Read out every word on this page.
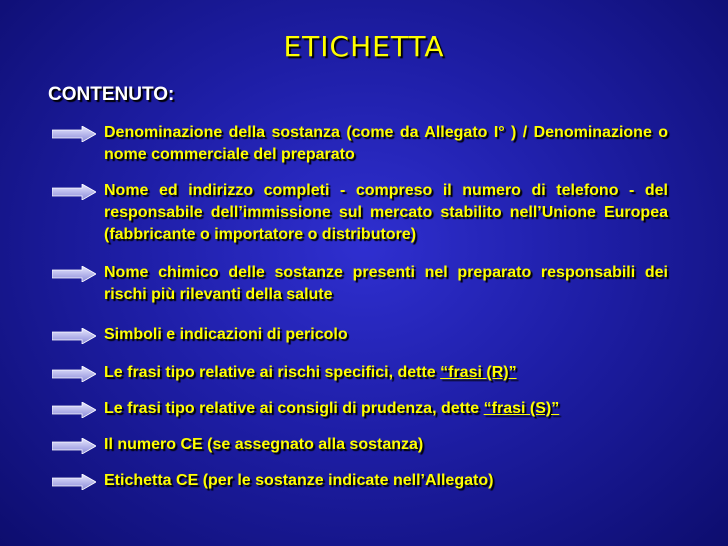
ETICHETTA
CONTENUTO:
Denominazione della sostanza (come da Allegato I° ) / Denominazione o nome commerciale del preparato
Nome ed indirizzo completi - compreso il numero di telefono - del responsabile dell’immissione sul mercato stabilito nell’Unione Europea (fabbricante o importatore o distributore)
Nome chimico delle sostanze presenti nel preparato responsabili dei rischi più rilevanti della salute
Simboli e indicazioni di pericolo
Le frasi tipo relative ai rischi specifici, dette “frasi (R)”
Le frasi tipo relative ai consigli di prudenza, dette “frasi (S)”
Il numero CE (se assegnato alla sostanza)
Etichetta CE (per le sostanze indicate nell’Allegato)
